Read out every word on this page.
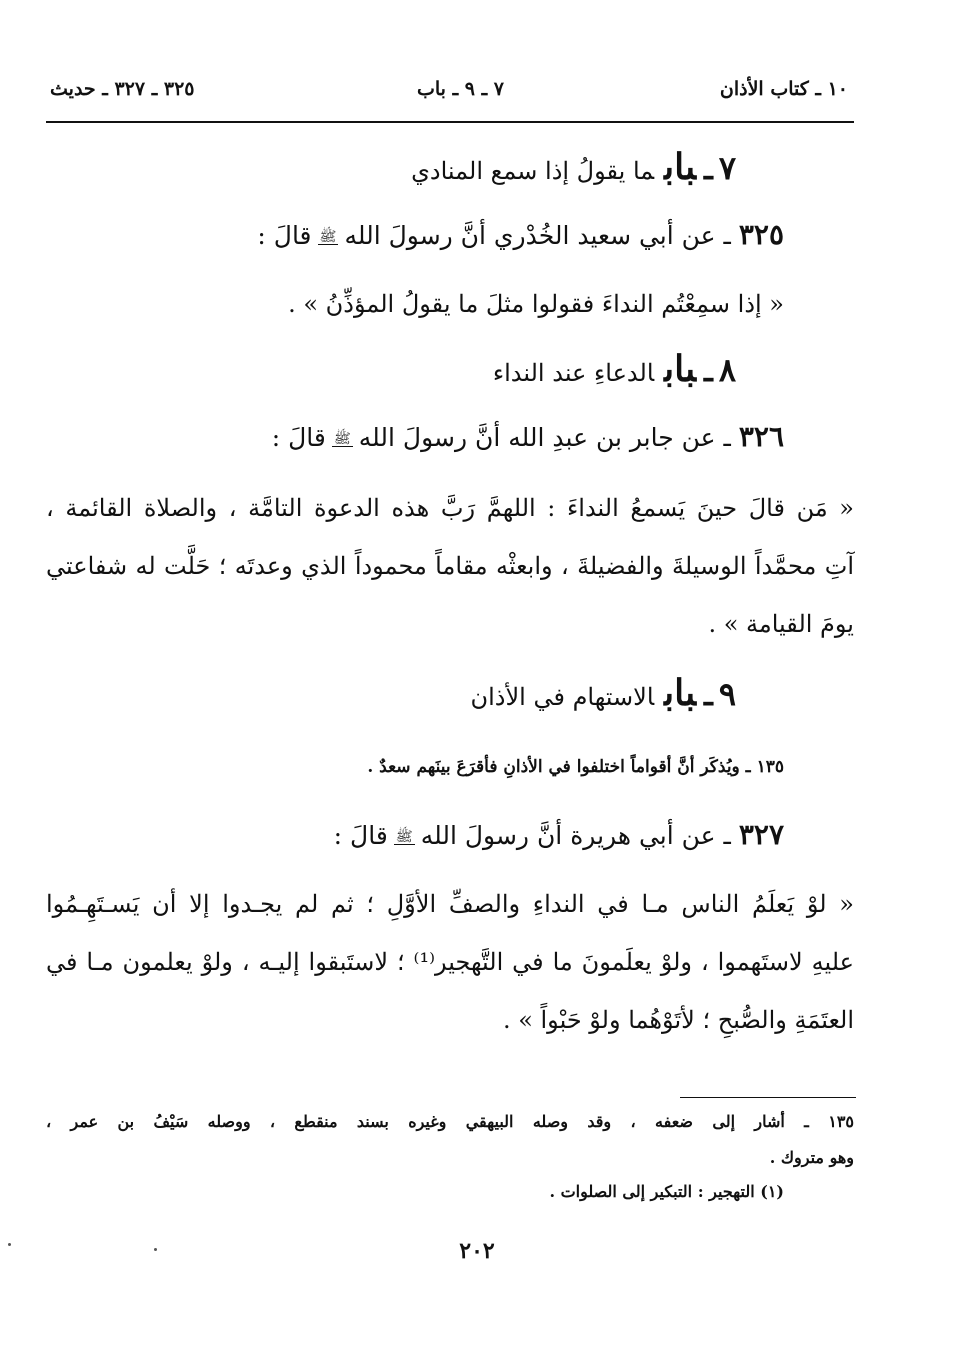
١٠ ـ كتاب الأذان
٧ ـ ٩ ـ باب
٣٢٥ ـ ٣٢٧ ـ حديث
٧ـبابما يقولُ إذا سمع المنادي
٣٢٥ـ عن أبي سعيد الخُدْري أنَّ رسولَ اللهﷺقالَ :
« إذا سمِعْتُم النداءَ فقولوا مثلَ ما يقولُ المؤذِّنُ » .
٨ـبابالدعاءِ عند النداء
٣٢٦ـ عن جابر بن عبدِ الله أنَّ رسولَ اللهﷺقالَ :
« مَن قالَ حينَ يَسمعُ النداءَ : اللهمَّ رَبَّ هذه الدعوة التامَّة ، والصلاة القائمة ،
آتِ محمَّداً الوسيلةَ والفضيلةَ ، وابعثْه مقاماً محموداً الذي وعدتَه ؛ حَلَّت له شفاعتي
يومَ القيامة » .
٩ـبابالاستهام في الأذان
١٣٥ ـ ويُذكَر أنَّ أقواماً اختلفوا في الأذانِ فأقرَعَ بينَهم سعدٌ .
٣٢٧ـ عن أبي هريرة أنَّ رسولَ اللهﷺقالَ :
« لوْ يَعلَمُ الناس مـا في النداءِ والصفِّ الأوَّلِ ؛ ثم لم يجـدوا إلا أن يَسـتَهِـمُوا
عليهِ لاستَهموا ، ولوْ يعلَمونَ ما في التَّهجير⁽¹⁾ ؛ لاستَبقوا إليـه ، ولوْ يعلمون مـا في
العتَمَةِ والصُّبحِ ؛ لأتَوْهُما ولوْ حَبْواً » .
١٣٥ ـ أشار إلى ضعفه ، وقد وصله البيهقي وغيره بسند منقطع ، ووصله سَيْفُ بن عمر ،
وهو متروك .
(١) التهجير : التبكير إلى الصلوات .
٢٠٢
